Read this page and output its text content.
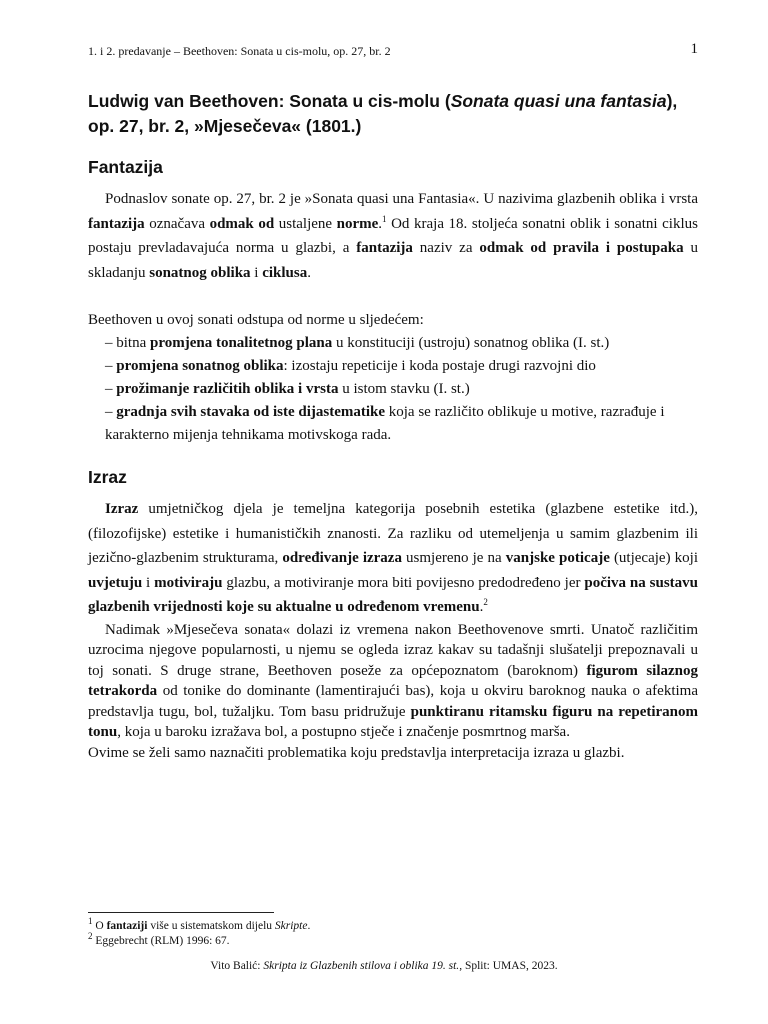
1. i 2. predavanje – Beethoven: Sonata u cis-molu, op. 27, br. 2	1
Ludwig van Beethoven: Sonata u cis-molu (Sonata quasi una fantasia), op. 27, br. 2, »Mjesečeva« (1801.)
Fantazija

Podnaslov sonate op. 27, br. 2 je »Sonata quasi una Fantasia«. U nazivima glazbenih oblika i vrsta fantazija označava odmak od ustaljene norme.$^1$ Od kraja 18. stoljeća sonatni oblik i sonatni ciklus postaju prevladavajuća norma u glazbi, a fantazija naziv za odmak od pravila i postupaka u skladanju sonatnog oblika i ciklusa.

Beethoven u ovoj sonati odstupa od norme u sljedećem:
– bitna promjena tonalitetnog plana u konstituciji (ustroju) sonatnog oblika (I. st.)
– promjena sonatnog oblika: izostaju repeticije i koda postaje drugi razvojni dio
– prožimanje različitih oblika i vrsta u istom stavku (I. st.)
– gradnja svih stavaka od iste dijastematike koja se različito oblikuje u motive, razrađuje i karakterno mijenja tehnikama motivskoga rada.
Izraz

Izraz umjetničkog djela je temeljna kategorija posebnih estetika (glazbene estetike itd.), (filozofijske) estetike i humanističkih znanosti. Za razliku od utemeljenja u samim glazbenim ili jezično-glazbenim strukturama, određivanje izraza usmjereno je na vanjske poticaje (utjecaje) koji uvjetuju i motiviraju glazbu, a motiviranje mora biti povijesno predodređeno jer počiva na sustavu glazbenih vrijednosti koje su aktualne u određenom vremenu.$^2$

Nadimak »Mjesečeva sonata« dolazi iz vremena nakon Beethovenove smrti. Unatoč različitim uzrocima njegove popularnosti, u njemu se ogleda izraz kakav su tadašnji slušatelji prepoznavali u toj sonati. S druge strane, Beethoven poseže za općepoznatom (baroknom) figurom silaznog tetrakorda od tonike do dominante (lamentirajući bas), koja u okviru baroknog nauka o afektima predstavlja tugu, bol, tužaljku. Tom basu pridružuje punktiranu ritamsku figuru na repetiranom tonu, koja u baroku izražava bol, a postupno stječe i značenje posmrtnog marša.

Ovime se želi samo naznačiti problematika koju predstavlja interpretacija izraza u glazbi.

$^1$ O fantaziji više u sistematskom dijelu Skripte.
$^2$ Eggebrecht (RLM) 1996: 67.
Vito Balić: Skripta iz Glazbenih stilova i oblika 19. st., Split: UMAS, 2023.
